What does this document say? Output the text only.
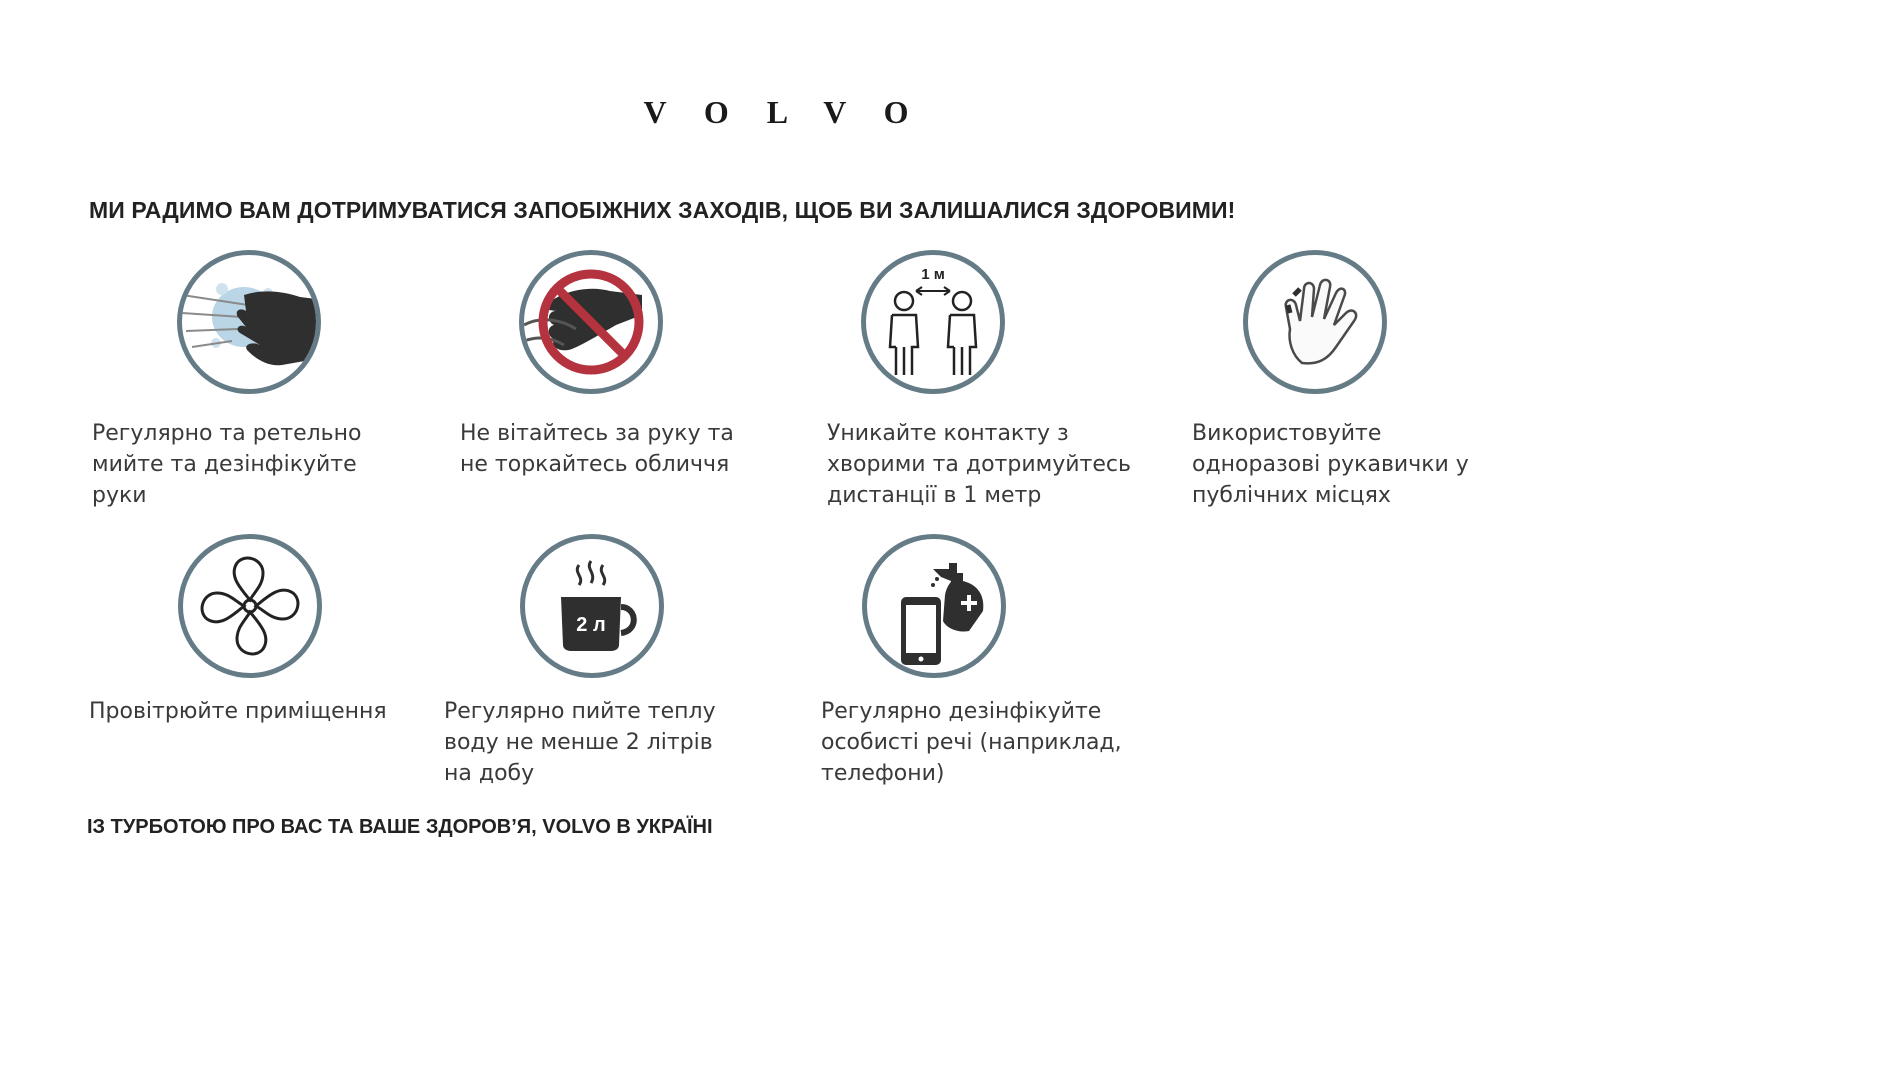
VOLVO
МИ РАДИМО ВАМ ДОТРИМУВАТИСЯ ЗАПОБІЖНИХ ЗАХОДІВ, ЩОБ ВИ ЗАЛИШАЛИСЯ ЗДОРОВИМИ!
1 м

Регулярно та ретельно
мийте та дезінфікуйте
руки

Не вітайтесь за руку та
не торкайтесь обличчя

Уникайте контакту з
хворими та дотримуйтесь
дистанції в 1 метр

Використовуйте
одноразові рукавички у
публічних місцях

2 л

Провітрюйте приміщення	Регулярно пийте теплу
воду не менше 2 літрів
на добу

Регулярно дезінфікуйте
особисті речі (наприклад,
телефони)

ІЗ ТУРБОТОЮ ПРО ВАС ТА ВАШЕ ЗДОРОВ’Я, VOLVO В УКРАЇНІ
